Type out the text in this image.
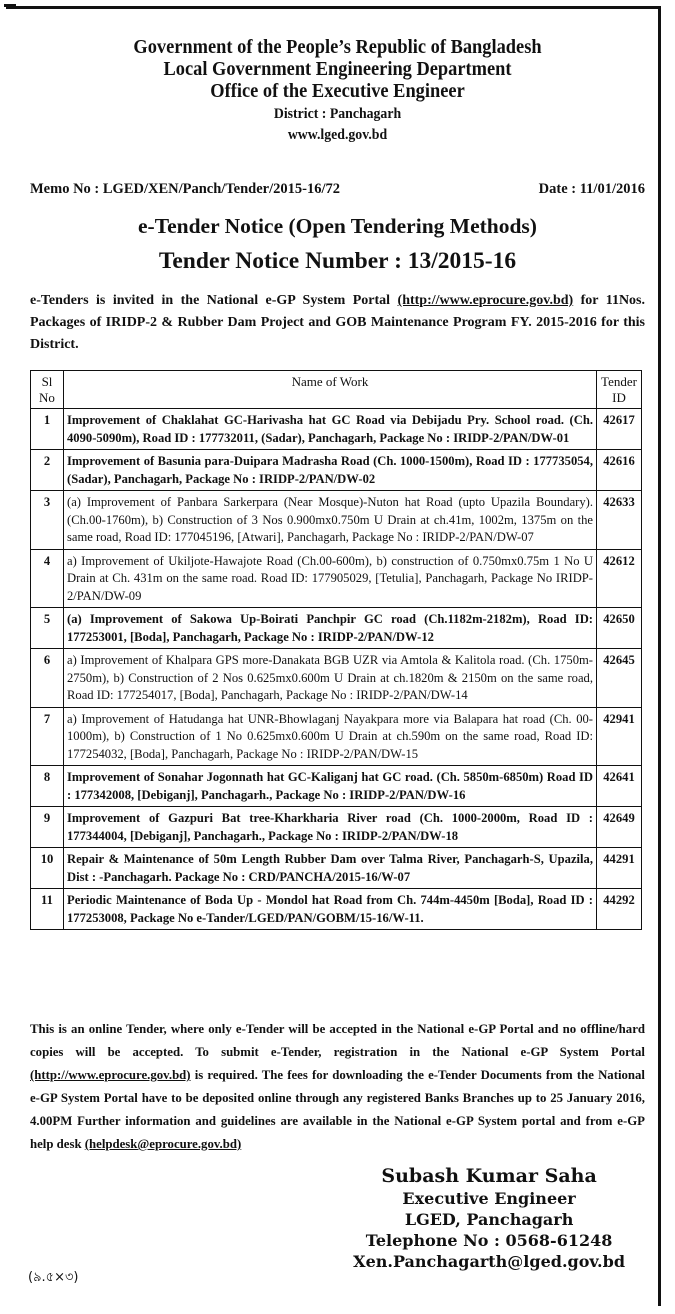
Government of the People’s Republic of Bangladesh
Local Government Engineering Department
Office of the Executive Engineer
District : Panchagarh
www.lged.gov.bd
Memo No : LGED/XEN/Panch/Tender/2015-16/72	Date : 11/01/2016
e-Tender Notice (Open Tendering Methods)
Tender Notice Number : 13/2015-16
e-Tenders is invited in the National e-GP System Portal (http://www.eprocure.gov.bd) for 11Nos. Packages of IRIDP-2 & Rubber Dam Project and GOB Maintenance Program FY. 2015-2016 for this District.
Sl No	Name of Work	Tender ID
1	Improvement of Chaklahat GC-Harivasha hat GC Road via Debijadu Pry. School road. (Ch. 4090-5090m), Road ID : 177732011, (Sadar), Panchagarh, Package No : IRIDP-2/PAN/DW-01	42617
2	Improvement of Basunia para-Duipara Madrasha Road (Ch. 1000-1500m), Road ID : 177735054, (Sadar), Panchagarh, Package No : IRIDP-2/PAN/DW-02	42616
3	(a) Improvement of Panbara Sarkerpara (Near Mosque)-Nuton hat Road (upto Upazila Boundary). (Ch.00-1760m), b) Construction of 3 Nos 0.900mx0.750m U Drain at ch.41m, 1002m, 1375m on the same road, Road ID: 177045196, [Atwari], Panchagarh, Package No : IRIDP-2/PAN/DW-07	42633
4	a) Improvement of Ukiljote-Hawajote Road (Ch.00-600m), b) construction of 0.750mx0.75m 1 No U Drain at Ch. 431m on the same road. Road ID: 177905029, [Tetulia], Panchagarh, Package No IRIDP-2/PAN/DW-09	42612
5	(a) Improvement of Sakowa Up-Boirati Panchpir GC road (Ch.1182m-2182m), Road ID: 177253001, [Boda], Panchagarh, Package No : IRIDP-2/PAN/DW-12	42650
6	a) Improvement of Khalpara GPS more-Danakata BGB UZR via Amtola & Kalitola road. (Ch. 1750m-2750m), b) Construction of 2 Nos 0.625mx0.600m U Drain at ch.1820m & 2150m on the same road, Road ID: 177254017, [Boda], Panchagarh, Package No : IRIDP-2/PAN/DW-14	42645
7	a) Improvement of Hatudanga hat UNR-Bhowlaganj Nayakpara more via Balapara hat road (Ch. 00-1000m), b) Construction of 1 No 0.625mx0.600m U Drain at ch.590m on the same road, Road ID: 177254032, [Boda], Panchagarh, Package No : IRIDP-2/PAN/DW-15	42941
8	Improvement of Sonahar Jogonnath hat GC-Kaliganj hat GC road. (Ch. 5850m-6850m) Road ID : 177342008, [Debiganj], Panchagarh., Package No : IRIDP-2/PAN/DW-16	42641
9	Improvement of Gazpuri Bat tree-Kharkharia River road (Ch. 1000-2000m, Road ID : 177344004, [Debiganj], Panchagarh., Package No : IRIDP-2/PAN/DW-18	42649
10	Repair & Maintenance of 50m Length Rubber Dam over Talma River, Panchagarh-S, Upazila, Dist : -Panchagarh. Package No : CRD/PANCHA/2015-16/W-07	44291
11	Periodic Maintenance of Boda Up - Mondol hat Road from Ch. 744m-4450m [Boda], Road ID : 177253008, Package No e-Tander/LGED/PAN/GOBM/15-16/W-11.	44292
This is an online Tender, where only e-Tender will be accepted in the National e-GP Portal and no offline/hard copies will be accepted. To submit e-Tender, registration in the National e-GP System Portal (http://www.eprocure.gov.bd) is required. The fees for downloading the e-Tender Documents from the National e-GP System Portal have to be deposited online through any registered Banks Branches up to 25 January 2016, 4.00PM Further information and guidelines are available in the National e-GP System portal and from e-GP help desk (helpdesk@eprocure.gov.bd)
Subash Kumar Saha
Executive Engineer
LGED, Panchagarh
Telephone No : 0568-61248
Xen.Panchagarth@lged.gov.bd
(৯.৫×৩)
